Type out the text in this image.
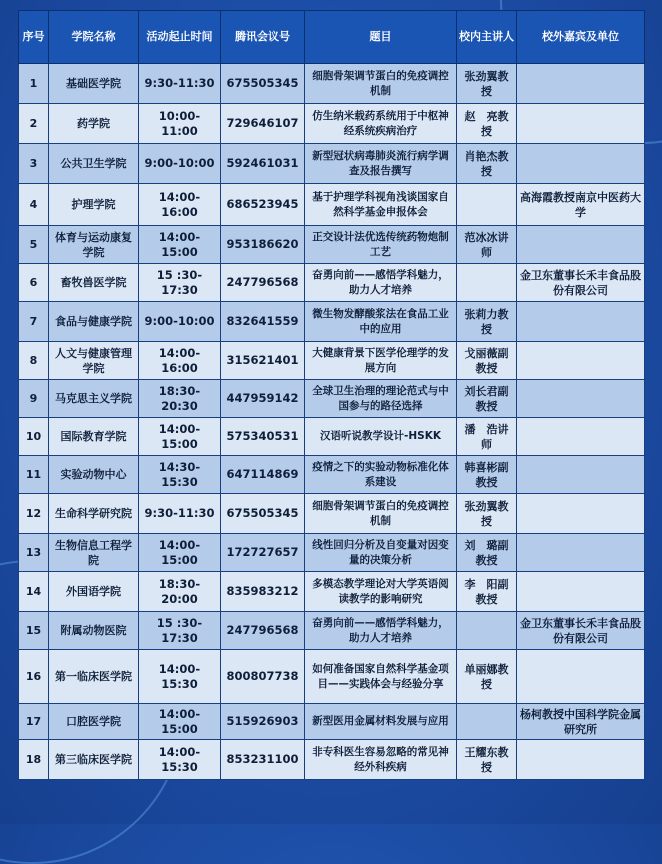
序号	学院名称	活动起止时间	腾讯会议号	题目	校内主讲人	校外嘉宾及单位
1	基础医学院	9:30-11:30	675505345	细胞骨架调节蛋白的免疫调控机制	张劲翼教授	
2	药学院	10:00-11:00	729646107	仿生纳米载药系统用于中枢神经系统疾病治疗	赵　亮教授	
3	公共卫生学院	9:00-10:00	592461031	新型冠状病毒肺炎流行病学调查及报告撰写	肖艳杰教授	
4	护理学院	14:00-16:00	686523945	基于护理学科视角浅谈国家自然科学基金申报体会		高海霞教授南京中医药大学
5	体育与运动康复学院	14:00-15:00	953186620	正交设计法优选传统药物炮制工艺	范冰冰讲师	
6	畜牧兽医学院	15 :30-17:30	247796568	奋勇向前——感悟学科魅力，助力人才培养		金卫东董事长禾丰食品股份有限公司
7	食品与健康学院	9:00-10:00	832641559	微生物发酵酸浆法在食品工业中的应用	张莉力教授	
8	人文与健康管理学院	14:00-16:00	315621401	大健康背景下医学伦理学的发展方向	戈丽薇副教授	
9	马克思主义学院	18:30-20:30	447959142	全球卫生治理的理论范式与中国参与的路径选择	刘长君副教授	
10	国际教育学院	14:00-15:00	575340531	汉语听说教学设计-HSKK	潘　浩讲师	
11	实验动物中心	14:30-15:30	647114869	疫情之下的实验动物标准化体系建设	韩喜彬副教授	
12	生命科学研究院	9:30-11:30	675505345	细胞骨架调节蛋白的免疫调控机制	张劲翼教授	
13	生物信息工程学院	14:00-15:00	172727657	线性回归分析及自变量对因变量的决策分析	刘　璐副教授	
14	外国语学院	18:30-20:00	835983212	多模态教学理论对大学英语阅读教学的影响研究	李　阳副教授	
15	附属动物医院	15 :30-17:30	247796568	奋勇向前——感悟学科魅力，助力人才培养		金卫东董事长禾丰食品股份有限公司
16	第一临床医学院	14:00-15:30	800807738	如何准备国家自然科学基金项目——实践体会与经验分享	单丽娜教授	
17	口腔医学院	14:00-15:00	515926903	新型医用金属材料发展与应用		杨柯教授中国科学院金属研究所
18	第三临床医学院	14:00-15:30	853231100	非专科医生容易忽略的常见神经外科疾病	王耀东教授	
